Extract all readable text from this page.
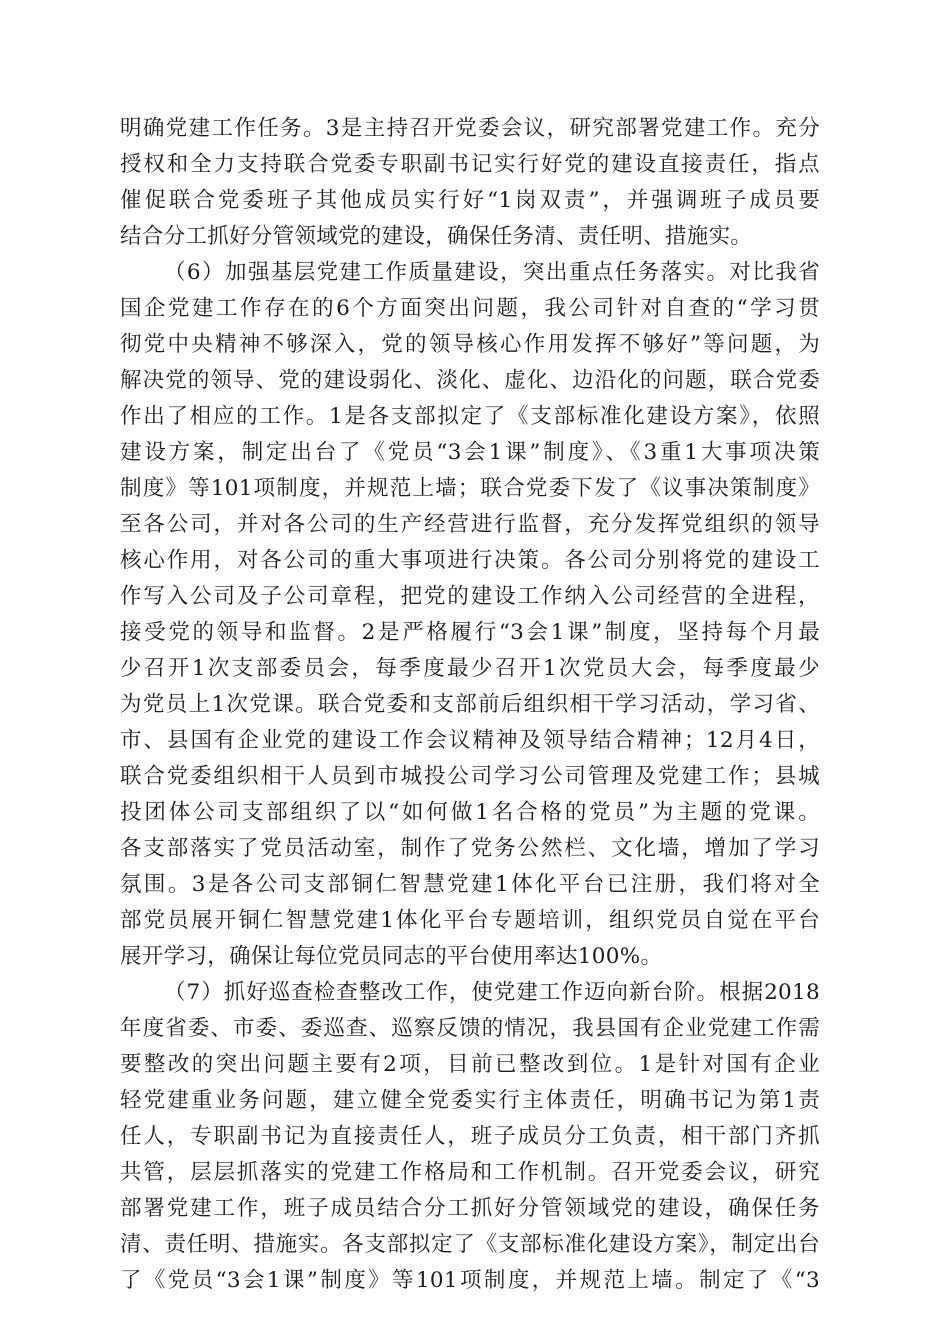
明确党建工作任务。3是主持召开党委会议，研究部署党建工作。充分
授权和全力支持联合党委专职副书记实行好党的建设直接责任，指点
催促联合党委班子其他成员实行好“1岗双责”，并强调班子成员要
结合分工抓好分管领域党的建设，确保任务清、责任明、措施实。
（6）加强基层党建工作质量建设，突出重点任务落实。对比我省
国企党建工作存在的6个方面突出问题，我公司针对自查的“学习贯
彻党中央精神不够深入，党的领导核心作用发挥不够好”等问题，为
解决党的领导、党的建设弱化、淡化、虚化、边沿化的问题，联合党委
作出了相应的工作。1是各支部拟定了《支部标准化建设方案》，依照
建设方案，制定出台了《党员“3会1课”制度》、《3重1大事项决策
制度》等101项制度，并规范上墙；联合党委下发了《议事决策制度》
至各公司，并对各公司的生产经营进行监督，充分发挥党组织的领导
核心作用，对各公司的重大事项进行决策。各公司分别将党的建设工
作写入公司及子公司章程，把党的建设工作纳入公司经营的全进程，
接受党的领导和监督。2是严格履行“3会1课”制度，坚持每个月最
少召开1次支部委员会，每季度最少召开1次党员大会，每季度最少
为党员上1次党课。联合党委和支部前后组织相干学习活动，学习省、
市、县国有企业党的建设工作会议精神及领导结合精神；12月4日，
联合党委组织相干人员到市城投公司学习公司管理及党建工作；县城
投团体公司支部组织了以“如何做1名合格的党员”为主题的党课。
各支部落实了党员活动室，制作了党务公然栏、文化墙，增加了学习
氛围。3是各公司支部铜仁智慧党建1体化平台已注册，我们将对全
部党员展开铜仁智慧党建1体化平台专题培训，组织党员自觉在平台
展开学习，确保让每位党员同志的平台使用率达100%。
（7）抓好巡查检查整改工作，使党建工作迈向新台阶。根据2018
年度省委、市委、委巡查、巡察反馈的情况，我县国有企业党建工作需
要整改的突出问题主要有2项，目前已整改到位。1是针对国有企业
轻党建重业务问题，建立健全党委实行主体责任，明确书记为第1责
任人，专职副书记为直接责任人，班子成员分工负责，相干部门齐抓
共管，层层抓落实的党建工作格局和工作机制。召开党委会议，研究
部署党建工作，班子成员结合分工抓好分管领域党的建设，确保任务
清、责任明、措施实。各支部拟定了《支部标准化建设方案》，制定出台
了《党员“3会1课”制度》等101项制度，并规范上墙。制定了《“3
